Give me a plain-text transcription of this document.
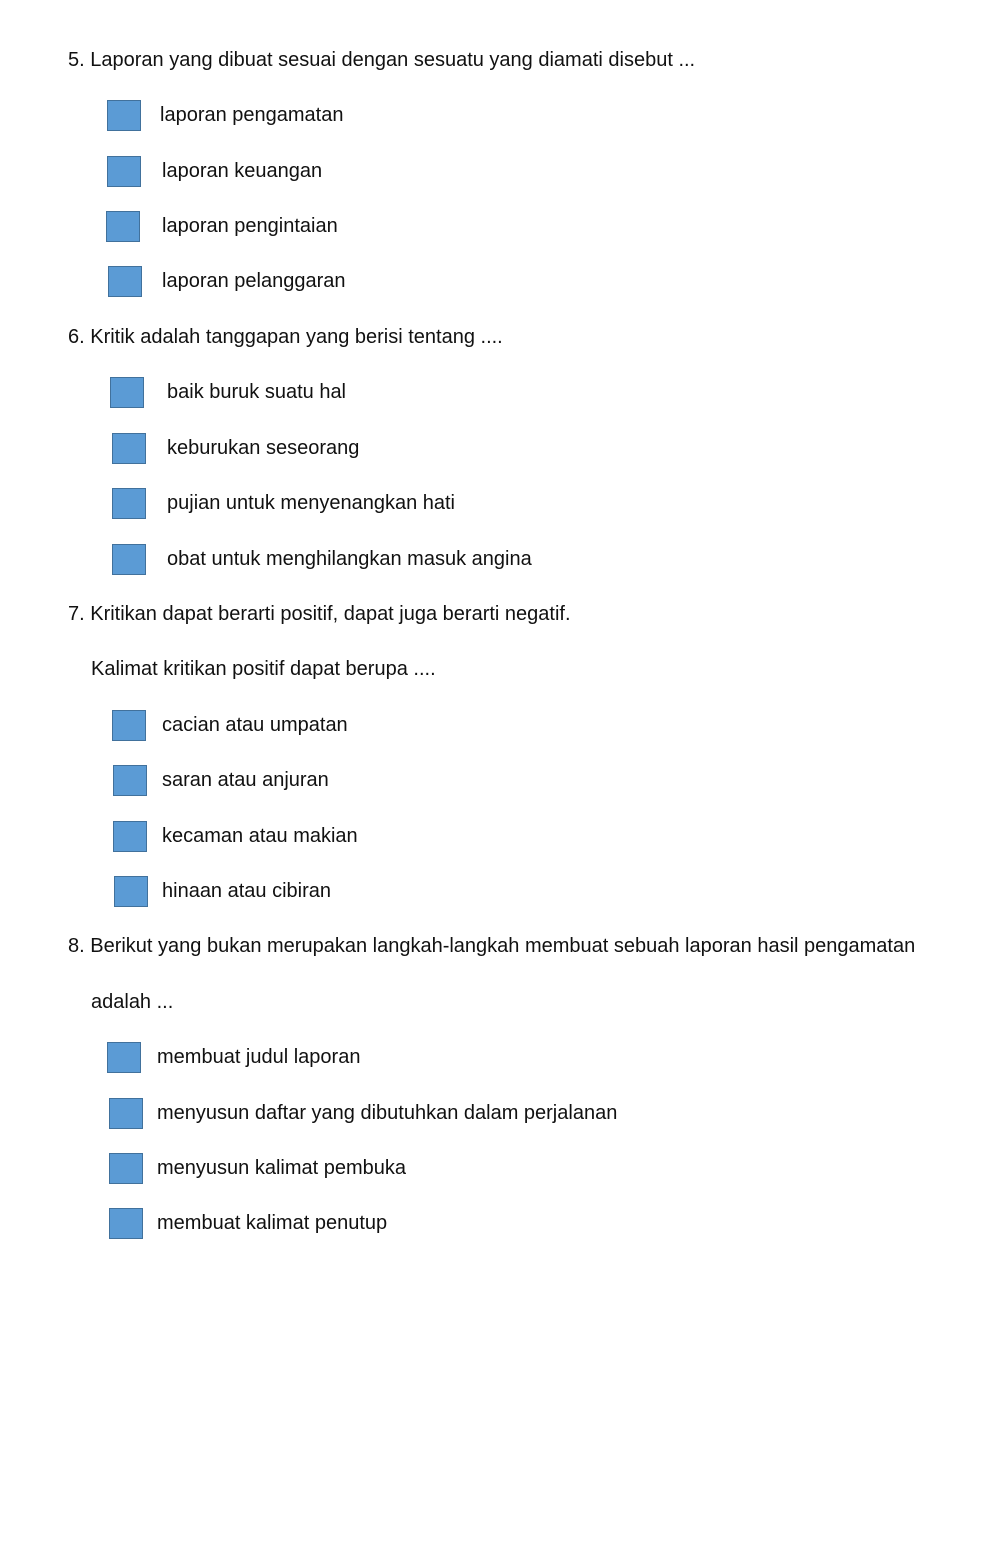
5. Laporan yang dibuat sesuai dengan sesuatu yang diamati disebut ...
laporan pengamatan
laporan keuangan
laporan pengintaian
laporan pelanggaran
6. Kritik adalah tanggapan yang berisi tentang ....
baik buruk suatu hal
keburukan seseorang
pujian untuk menyenangkan hati
obat untuk menghilangkan masuk angina
7. Kritikan dapat berarti positif, dapat juga berarti negatif.
Kalimat kritikan positif dapat berupa ....
cacian atau umpatan
saran atau anjuran
kecaman atau makian
hinaan atau cibiran
8. Berikut yang bukan merupakan langkah-langkah membuat sebuah laporan hasil pengamatan
adalah ...
membuat judul laporan
menyusun daftar yang dibutuhkan dalam perjalanan
menyusun kalimat pembuka
membuat kalimat penutup
